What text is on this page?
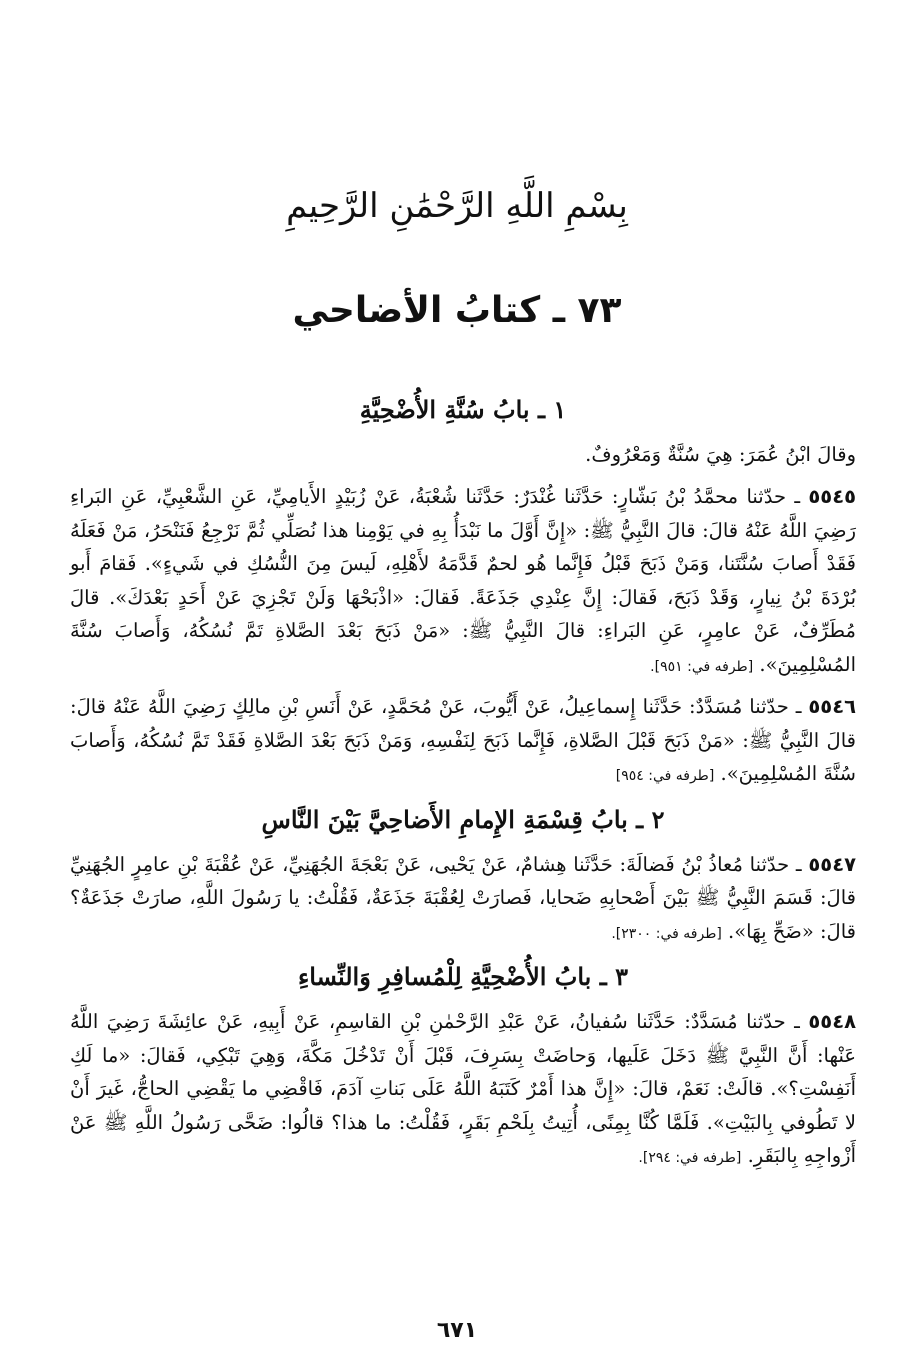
بِسْمِ اللَّهِ الرَّحْمَٰنِ الرَّحِيمِ
٧٣ ـ كتابُ الأضاحي
١ ـ بابُ سُنَّةِ الأُضْحِيَّةِ
وقالَ ابْنُ عُمَرَ: هِيَ سُنَّةٌ وَمَعْرُوفٌ.
٥٥٤٥ ـ حدّثنا محمَّدُ بْنُ بَشّارٍ: حَدَّثَنا غُنْدَرٌ: حَدَّثَنا شُعْبَةُ، عَنْ زُبَيْدٍ الأَيامِيِّ، عَنِ الشَّعْبِيِّ، عَنِ البَراءِ رَضِيَ اللَّهُ عَنْهُ قالَ: قالَ النَّبِيُّ ﷺ: «إِنَّ أَوَّلَ ما نَبْدَأُ بِهِ في يَوْمِنا هذا نُصَلِّي ثُمَّ نَرْجِعُ فَنَنْحَرُ، مَنْ فَعَلَهُ فَقَدْ أَصابَ سُنَّتَنا، وَمَنْ ذَبَحَ قَبْلُ فَإِنَّما هُو لحمٌ قَدَّمَهُ لأَهْلِهِ، لَيسَ مِنَ النُّسُكِ في شَيءٍ». فَقامَ أَبو بُرْدَةَ بْنُ نِيارٍ، وَقَدْ ذَبَحَ، فَقالَ: إِنَّ عِنْدِي جَذَعَةً. فَقالَ: «اذْبَحْهَا وَلَنْ تَجْزِيَ عَنْ أَحَدٍ بَعْدَكَ». قالَ مُطَرِّفٌ، عَنْ عامِرٍ، عَنِ البَراءِ: قالَ النَّبِيُّ ﷺ: «مَنْ ذَبَحَ بَعْدَ الصَّلاةِ تَمَّ نُسُكُهُ، وَأَصابَ سُنَّةَ المُسْلِمِينَ». [طرفه في: ٩٥١].
٥٥٤٦ ـ حدّثنا مُسَدَّدٌ: حَدَّثَنا إِسماعِيلُ، عَنْ أَيُّوبَ، عَنْ مُحَمَّدٍ، عَنْ أَنَسِ بْنِ مالِكٍ رَضِيَ اللَّهُ عَنْهُ قالَ: قالَ النَّبِيُّ ﷺ: «مَنْ ذَبَحَ قَبْلَ الصَّلاةِ، فَإِنَّما ذَبَحَ لِنَفْسِهِ، وَمَنْ ذَبَحَ بَعْدَ الصَّلاةِ فَقَدْ تَمَّ نُسُكُهُ، وَأَصابَ سُنَّةَ المُسْلِمِينَ». [طرفه في: ٩٥٤]
٢ ـ بابُ قِسْمَةِ الإِمامِ الأَضاحِيَّ بَيْنَ النَّاسِ
٥٥٤٧ ـ حدّثنا مُعاذُ بْنُ فَضالَةَ: حَدَّثَنا هِشامٌ، عَنْ يَحْيى، عَنْ بَعْجَةَ الجُهَنِيِّ، عَنْ عُقْبَةَ بْنِ عامِرٍ الجُهَنِيِّ قالَ: قَسَمَ النَّبِيُّ ﷺ بَيْنَ أَصْحابِهِ ضَحايا، فَصارَتْ لِعُقْبَةَ جَذَعَةٌ، فَقُلْتُ: يا رَسُولَ اللَّهِ، صارَتْ جَذَعَةٌ؟ قالَ: «ضَحِّ بِهَا». [طرفه في: ٢٣٠٠].
٣ ـ بابُ الأُضْحِيَّةِ لِلْمُسافِرِ وَالنِّساءِ
٥٥٤٨ ـ حدّثنا مُسَدَّدٌ: حَدَّثَنا سُفيانُ، عَنْ عَبْدِ الرَّحْمٰنِ بْنِ القاسِمِ، عَنْ أَبِيهِ، عَنْ عائِشَةَ رَضِيَ اللَّهُ عَنْها: أَنَّ النَّبِيَّ ﷺ دَخَلَ عَلَيها، وَحاضَتْ بِسَرِفَ، قَبْلَ أَنْ تَدْخُلَ مَكَّةَ، وَهِيَ تَبْكِي، فَقالَ: «ما لَكِ أَنَفِسْتِ؟». قالَتْ: نَعَمْ، قالَ: «إِنَّ هذا أَمْرٌ كَتَبَهُ اللَّهُ عَلَى بَناتِ آدَمَ، فَاقْضِي ما يَقْضِي الحاجُّ، غَيرَ أَنْ لا تَطُوفي بِالبَيْتِ». فَلَمَّا كُنَّا بِمِنًى، أُتِيتُ بِلَحْمِ بَقَرٍ، فَقُلْتُ: ما هذا؟ قالُوا: ضَحَّى رَسُولُ اللَّهِ ﷺ عَنْ أَزْواجِهِ بِالبَقَرِ. [طرفه في: ٢٩٤].
٦٧١
